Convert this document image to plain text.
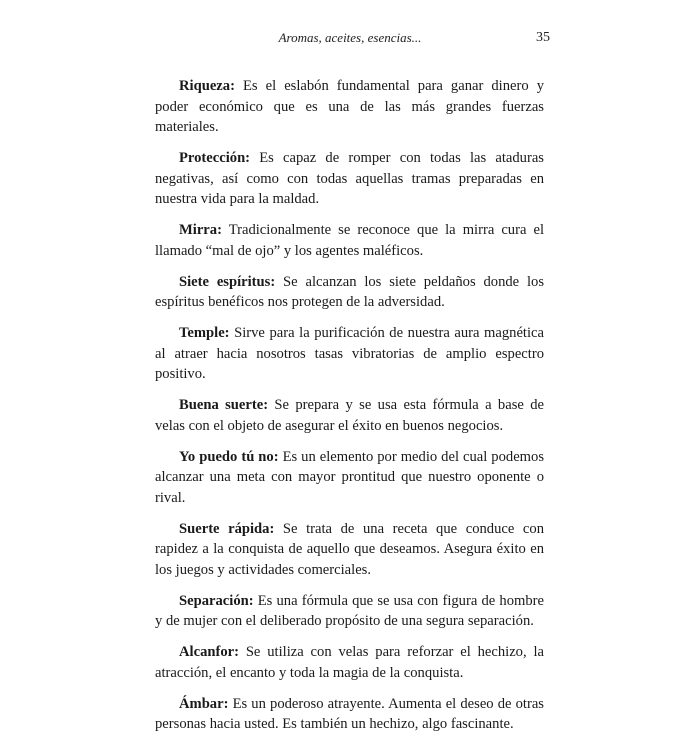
Aromas, aceites, esencias...	35

Riqueza: Es el eslabón fundamental para ganar dinero y poder económico que es una de las más grandes fuerzas materiales.

Protección: Es capaz de romper con todas las ataduras negativas, así como con todas aquellas tramas preparadas en nuestra vida para la maldad.

Mirra: Tradicionalmente se reconoce que la mirra cura el llamado “mal de ojo” y los agentes maléficos.

Siete espíritus: Se alcanzan los siete peldaños donde los espíritus benéficos nos protegen de la adversidad.

Temple: Sirve para la purificación de nuestra aura magnética al atraer hacia nosotros tasas vibratorias de amplio espectro positivo.

Buena suerte: Se prepara y se usa esta fórmula a base de velas con el objeto de asegurar el éxito en buenos negocios.

Yo puedo tú no: Es un elemento por medio del cual podemos alcanzar una meta con mayor prontitud que nuestro oponente o rival.

Suerte rápida: Se trata de una receta que conduce con rapidez a la conquista de aquello que deseamos. Asegura éxito en los juegos y actividades comerciales.

Separación: Es una fórmula que se usa con figura de hombre y de mujer con el deliberado propósito de una segura separación.

Alcanfor: Se utiliza con velas para reforzar el hechizo, la atracción, el encanto y toda la magia de la conquista.

Ámbar: Es un poderoso atrayente. Aumenta el deseo de otras personas hacia usted. Es también un hechizo, algo fascinante.
